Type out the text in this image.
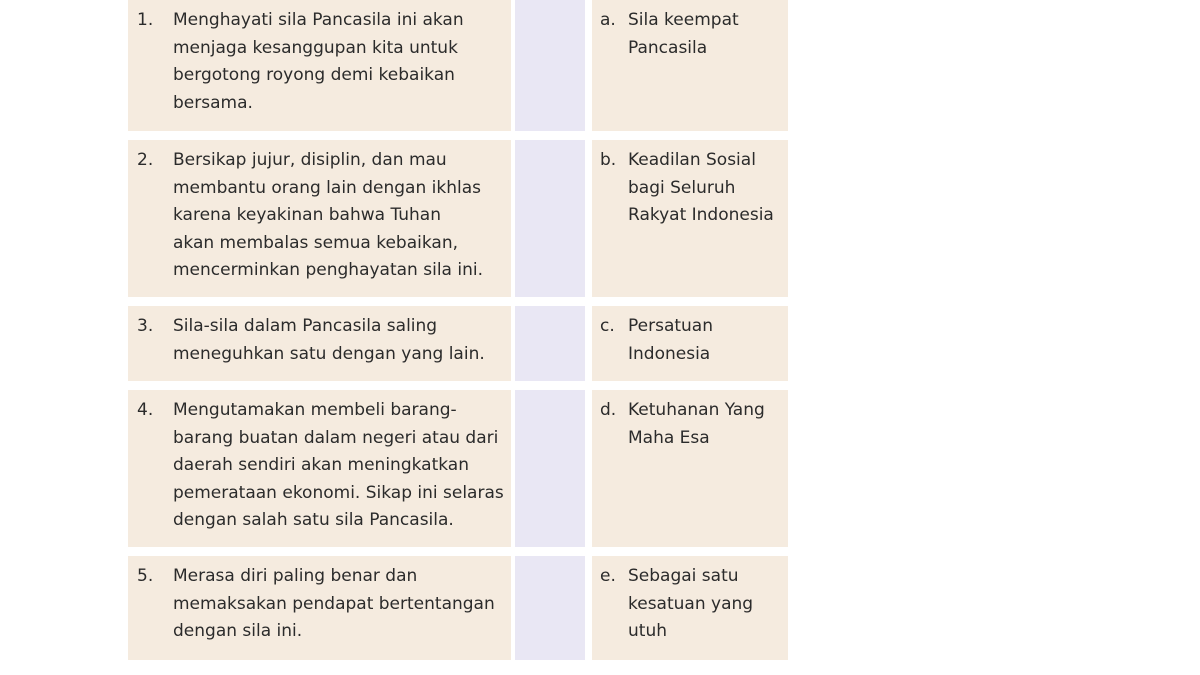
1. Menghayati sila Pancasila ini akan
menjaga kesanggupan kita untuk
bergotong royong demi kebaikan
bersama.
a. Sila keempat
Pancasila
2. Bersikap jujur, disiplin, dan mau
membantu orang lain dengan ikhlas
karena keyakinan bahwa Tuhan
akan membalas semua kebaikan,
mencerminkan penghayatan sila ini.
b. Keadilan Sosial
bagi Seluruh
Rakyat Indonesia
3. Sila-sila dalam Pancasila saling
meneguhkan satu dengan yang lain.
c. Persatuan
Indonesia
4. Mengutamakan membeli barang-
barang buatan dalam negeri atau dari
daerah sendiri akan meningkatkan
pemerataan ekonomi. Sikap ini selaras
dengan salah satu sila Pancasila.
d. Ketuhanan Yang
Maha Esa
5. Merasa diri paling benar dan
memaksakan pendapat bertentangan
dengan sila ini.
e. Sebagai satu
kesatuan yang
utuh
